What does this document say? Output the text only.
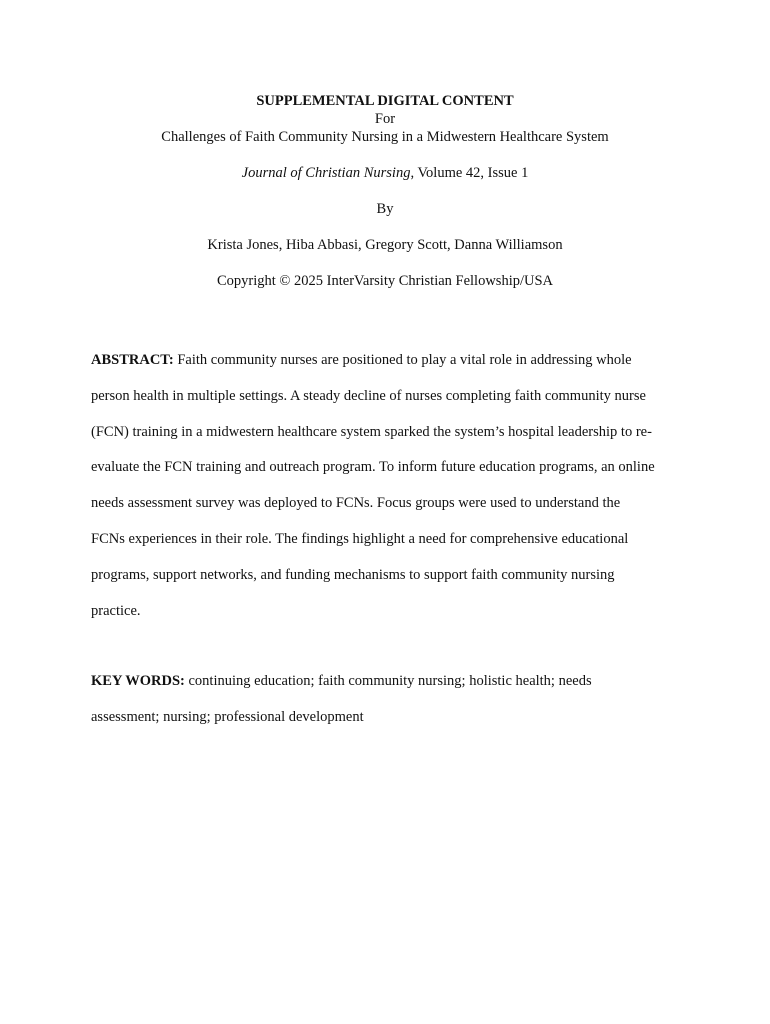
SUPPLEMENTAL DIGITAL CONTENT
For
Challenges of Faith Community Nursing in a Midwestern Healthcare System
Journal of Christian Nursing, Volume 42, Issue 1
By
Krista Jones, Hiba Abbasi, Gregory Scott, Danna Williamson
Copyright © 2025 InterVarsity Christian Fellowship/USA
ABSTRACT: Faith community nurses are positioned to play a vital role in addressing whole
person health in multiple settings. A steady decline of nurses completing faith community nurse
(FCN) training in a midwestern healthcare system sparked the system’s hospital leadership to re-
evaluate the FCN training and outreach program. To inform future education programs, an online
needs assessment survey was deployed to FCNs. Focus groups were used to understand the
FCNs experiences in their role. The findings highlight a need for comprehensive educational
programs, support networks, and funding mechanisms to support faith community nursing
practice.
KEY WORDS: continuing education; faith community nursing; holistic health; needs
assessment; nursing; professional development
